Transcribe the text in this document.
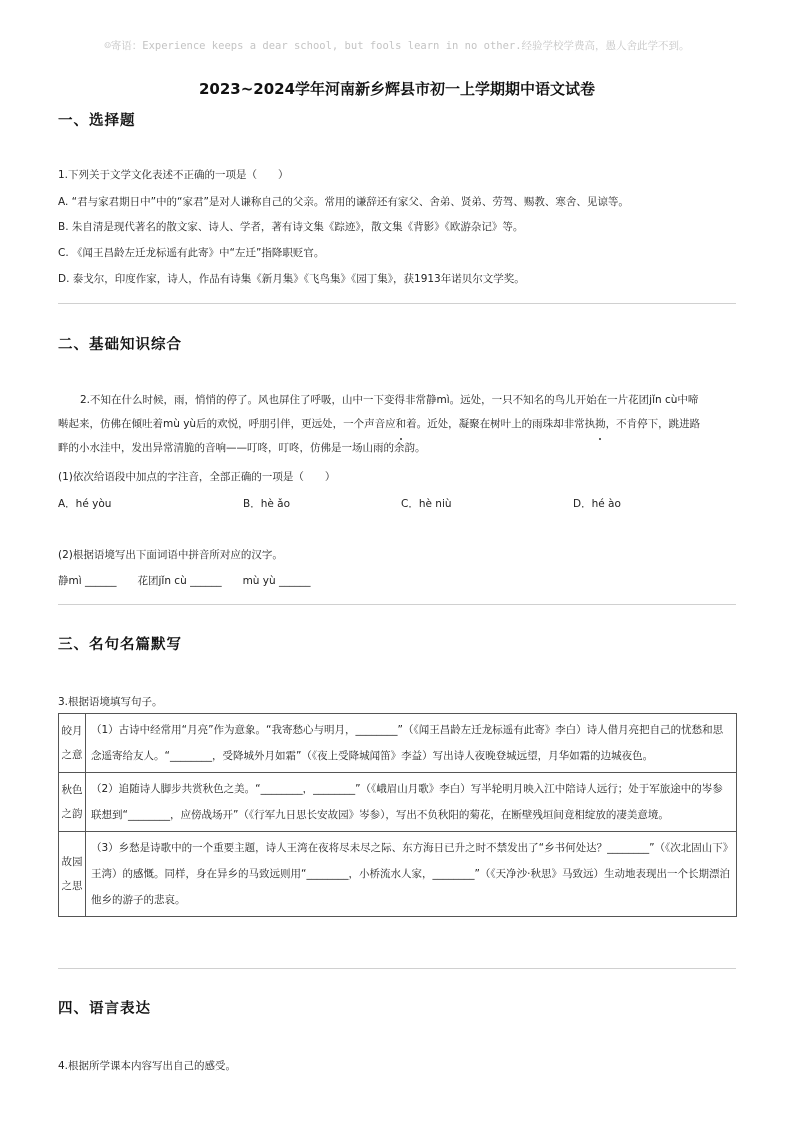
☺寄语：Experience keeps a dear school, but fools learn in no other.经验学校学费高，愚人舍此学不到。
2023~2024学年河南新乡辉县市初一上学期期中语文试卷
一、选择题
1.下列关于文学文化表述不正确的一项是（　　）
A. “君与家君期日中”中的“家君”是对人谦称自己的父亲。常用的谦辞还有家父、舍弟、贤弟、劳驾、赐教、寒舍、见谅等。
B. 朱自清是现代著名的散文家、诗人、学者，著有诗文集《踪迹》，散文集《背影》《欧游杂记》等。
C. 《闻王昌龄左迁龙标遥有此寄》中“左迁”指降职贬官。
D. 泰戈尔，印度作家，诗人，作品有诗集《新月集》《飞鸟集》《园丁集》，获1913年诺贝尔文学奖。
二、基础知识综合
2.不知在什么时候，雨，悄悄的停了。风也屏住了呼吸，山中一下变得非常静mì。远处，一只不知名的鸟儿开始在一片花团jǐn cù中啼
啭起来，仿佛在倾吐着mù yù后的欢悦，呼朋引伴，更远处，一个声音应和着。近处，凝聚在树叶上的雨珠却非常执拗，不肯停下，跳进路
畔的小水洼中，发出异常清脆的音响——叮咚，叮咚，仿佛是一场山雨的余韵。
(1)依次给语段中加点的字注音，全部正确的一项是（　　）
A．hé yòu	B．hè ǎo	C．hè niù	D．hé ào
(2)根据语境写出下面词语中拼音所对应的汉字。
静mì ______　　花团jǐn cù ______　　mù yù ______
三、名句名篇默写
3.根据语境填写句子。
皎月之意	（1）古诗中经常用“月亮”作为意象。“我寄愁心与明月，________”（《闻王昌龄左迁龙标遥有此寄》李白）诗人借月亮把自己的忧愁和思念遥寄给友人。“________，受降城外月如霜”（《夜上受降城闻笛》李益）写出诗人夜晚登城远望，月华如霜的边城夜色。
秋色之韵	（2）追随诗人脚步共赏秋色之美。“________，________”（《峨眉山月歌》李白）写半轮明月映入江中陪诗人远行；处于军旅途中的岑参联想到“________，应傍战场开”（《行军九日思长安故园》岑参），写出不负秋阳的菊花，在断壁残垣间竟相绽放的凄美意境。
故园之思	（3）乡愁是诗歌中的一个重要主题，诗人王湾在夜将尽未尽之际、东方海日已升之时不禁发出了“乡书何处达？________”（《次北固山下》王湾）的感慨。同样，身在异乡的马致远则用“________，小桥流水人家，________”（《天净沙·秋思》马致远）生动地表现出一个长期漂泊他乡的游子的悲哀。
四、语言表达
4.根据所学课本内容写出自己的感受。
